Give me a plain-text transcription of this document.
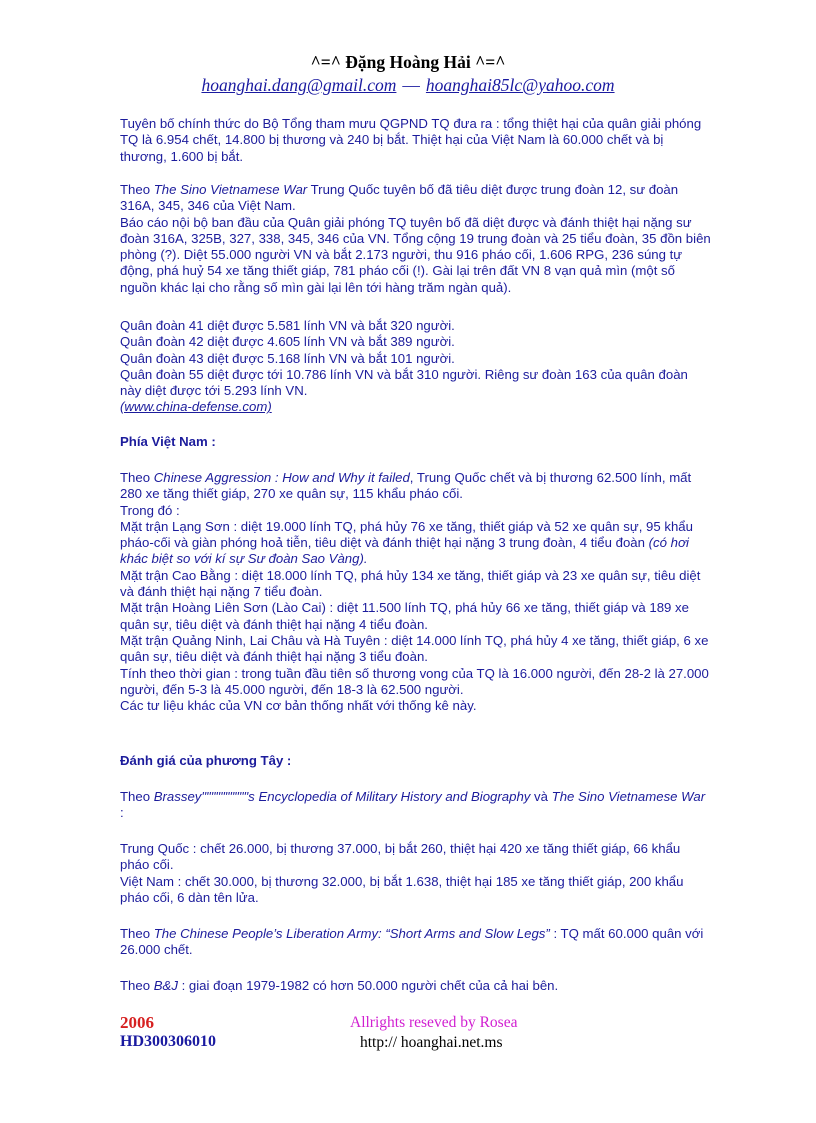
^=^ Đặng Hoàng Hải ^=^
hoanghai.dang@gmail.com — hoanghai85lc@yahoo.com

Tuyên bố chính thức do Bộ Tổng tham mưu QGPND TQ đưa ra : tổng thiệt hại của quân giải phóng TQ là 6.954 chết, 14.800 bị thương và 240 bị bắt. Thiệt hại của Việt Nam là 60.000 chết và bị thương, 1.600 bị bắt.

Theo The Sino Vietnamese War Trung Quốc tuyên bố đã tiêu diệt được trung đoàn 12, sư đoàn 316A, 345, 346 của Việt Nam.

Báo cáo nội bộ ban đầu của Quân giải phóng TQ tuyên bố đã diệt được và đánh thiệt hại nặng sư đoàn 316A, 325B, 327, 338, 345, 346 của VN. Tổng cộng 19 trung đoàn và 25 tiểu đoàn, 35 đồn biên phòng (?). Diệt 55.000 người VN và bắt 2.173 người, thu 916 pháo cối, 1.606 RPG, 236 súng tự động, phá huỷ 54 xe tăng thiết giáp, 781 pháo cối (!). Gài lại trên đất VN 8 vạn quả mìn (một số nguồn khác lại cho rằng số mìn gài lại lên tới hàng trăm ngàn quả).

Quân đoàn 41 diệt được 5.581 lính VN và bắt 320 người.

Quân đoàn 42 diệt được 4.605 lính VN và bắt 389 người.

Quân đoàn 43 diệt được 5.168 lính VN và bắt 101 người.

Quân đoàn 55 diệt được tới 10.786 lính VN và bắt 310 người. Riêng sư đoàn 163 của quân đoàn này diệt được tới 5.293 lính VN.

(www.china-defense.com)

Phía Việt Nam :

Theo Chinese Aggression : How and Why it failed, Trung Quốc chết và bị thương 62.500 lính, mất 280 xe tăng thiết giáp, 270 xe quân sự, 115 khẩu pháo cối.

Trong đó :

Mặt trận Lạng Sơn : diệt 19.000 lính TQ, phá hủy 76 xe tăng, thiết giáp và 52 xe quân sự, 95 khẩu pháo-cối và giàn phóng hoả tiễn, tiêu diệt và đánh thiệt hại nặng 3 trung đoàn, 4 tiểu đoàn (có hơi khác biệt so với kí sự Sư đoàn Sao Vàng).

Mặt trận Cao Bằng : diệt 18.000 lính TQ, phá hủy 134 xe tăng, thiết giáp và 23 xe quân sự, tiêu diệt và đánh thiệt hại nặng 7 tiểu đoàn.

Mặt trận Hoàng Liên Sơn (Lào Cai) : diệt 11.500 lính TQ, phá hủy 66 xe tăng, thiết giáp và 189 xe quân sự, tiêu diệt và đánh thiệt hại nặng 4 tiểu đoàn.

Mặt trận Quảng Ninh, Lai Châu và Hà Tuyên : diệt 14.000 lính TQ, phá hủy 4 xe tăng, thiết giáp, 6 xe quân sự, tiêu diệt và đánh thiệt hại nặng 3 tiểu đoàn.

Tính theo thời gian : trong tuần đầu tiên số thương vong của TQ là 16.000 người, đến 28-2 là 27.000 người, đến 5-3 là 45.000 người, đến 18-3 là 62.500 người.

Các tư liệu khác của VN cơ bản thống nhất với thống kê này.

Đánh giá của phương Tây :

Theo Brassey""""""""""s Encyclopedia of Military History and Biography và The Sino Vietnamese War :

Trung Quốc : chết 26.000, bị thương 37.000, bị bắt 260, thiệt hại 420 xe tăng thiết giáp, 66 khẩu pháo cối.

Việt Nam : chết 30.000, bị thương 32.000, bị bắt 1.638, thiệt hại 185 xe tăng thiết giáp, 200 khẩu pháo cối, 6 dàn tên lửa.

Theo The Chinese People’s Liberation Army: “Short Arms and Slow Legs” : TQ mất 60.000 quân với 26.000 chết.

Theo B&J : giai đoạn 1979-1982 có hơn 50.000 người chết của cả hai bên.

2006
HD300306010
Allrights reseved by Rosea
http:// hoanghai.net.ms
